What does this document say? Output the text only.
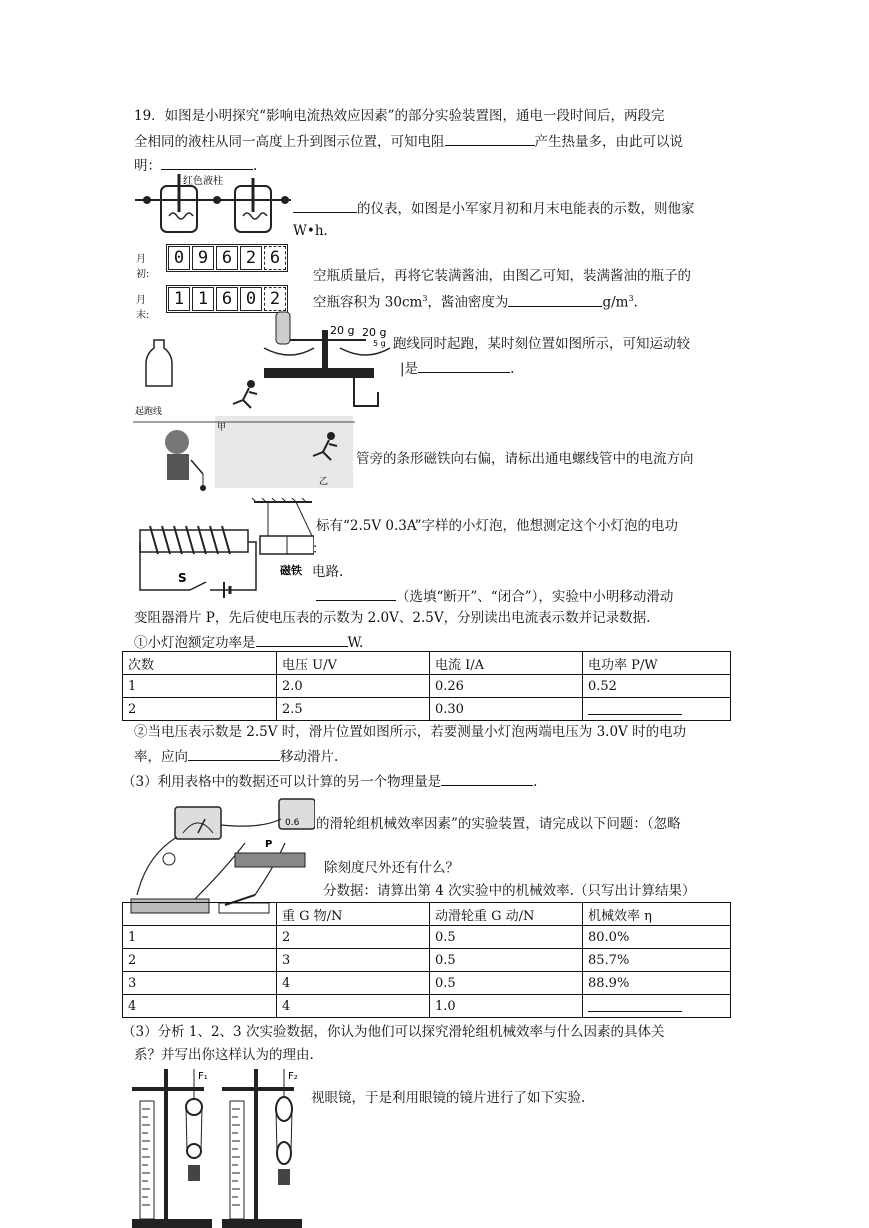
19．如图是小明探究“影响电流热效应因素”的部分实验装置图，通电一段时间后，两段完
全相同的液柱从同一高度上升到图示位置，可知电阻	产生热量多，由此可以说
明：	.
红色液柱
的仪表，如图是小军家月初和月末电能表的示数，则他家
W•h.
月初:
0 9 6 2 6
月末:
1 1 6 0 2
空瓶质量后，再将它装满酱油，由图乙可知，装满酱油的瓶子的
空瓶容积为 $30cm^3$，酱油密度为	$g/m^3$.
20 g 20 g
5 g 跑线同时起跑，某时刻位置如图所示，可知运动较
|是	.
起跑线
甲
乙
管旁的条形磁铁向右偏，请标出通电螺线管中的电流方向
磁铁
S
标有“2.5V 0.3A”字样的小灯泡，他想测定这个小灯泡的电功
：
电路.
（选填“断开”、“闭合”），实验中小明移动滑动
变阻器滑片 P，先后使电压表的示数为 2.0V、2.5V，分别读出电流表示数并记录数据.
①小灯泡额定功率是	W.
次数	电压 U/V	电流 I/A	电功率 P/W
1	2.0	0.26	0.52
2	2.5	0.30	
②当电压表示数是 2.5V 时，滑片位置如图所示，若要测量小灯泡两端电压为 3.0V 时的电功
率，应向	移动滑片.
（3）利用表格中的数据还可以计算的另一个物理量是	.
0.6
P
的滑轮组机械效率因素”的实验装置，请完成以下问题：（忽略
除刻度尺外还有什么？
分数据：请算出第 4 次实验中的机械效率.（只写出计算结果）
	重 G 物/N	动滑轮重 G 动/N	机械效率 η
1	2	0.5	80.0%
2	3	0.5	85.7%
3	4	0.5	88.9%
4	4	1.0	
（3）分析 1、2、3 次实验数据，你认为他们可以探究滑轮组机械效率与什么因素的具体关
系？并写出你这样认为的理由.
视眼镜，于是利用眼镜的镜片进行了如下实验.
F₁	F₂
